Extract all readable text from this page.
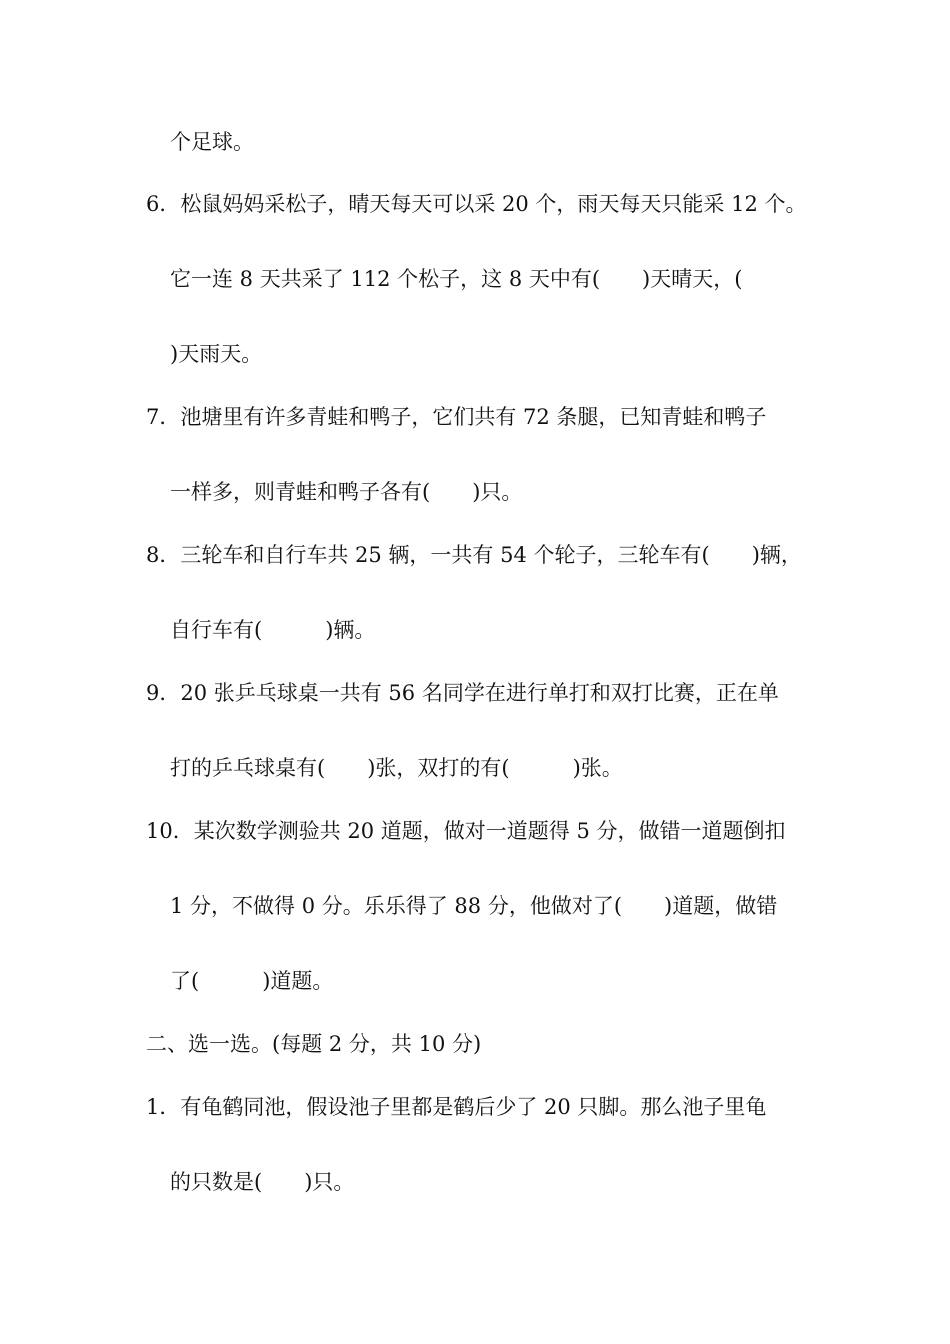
个足球。
6．松鼠妈妈采松子，晴天每天可以采 20 个，雨天每天只能采 12 个。
它一连 8 天共采了 112 个松子，这 8 天中有(　　)天晴天，(
)天雨天。
7．池塘里有许多青蛙和鸭子，它们共有 72 条腿，已知青蛙和鸭子
一样多，则青蛙和鸭子各有(　　)只。
8．三轮车和自行车共 25 辆，一共有 54 个轮子，三轮车有(　　)辆，
自行车有(　　　)辆。
9．20 张乒乓球桌一共有 56 名同学在进行单打和双打比赛，正在单
打的乒乓球桌有(　　)张，双打的有(　　　)张。
10．某次数学测验共 20 道题，做对一道题得 5 分，做错一道题倒扣
1 分，不做得 0 分。乐乐得了 88 分，他做对了(　　)道题，做错
了(　　　)道题。
二、选一选。(每题 2 分，共 10 分)
1．有龟鹤同池，假设池子里都是鹤后少了 20 只脚。那么池子里龟
的只数是(　　)只。
